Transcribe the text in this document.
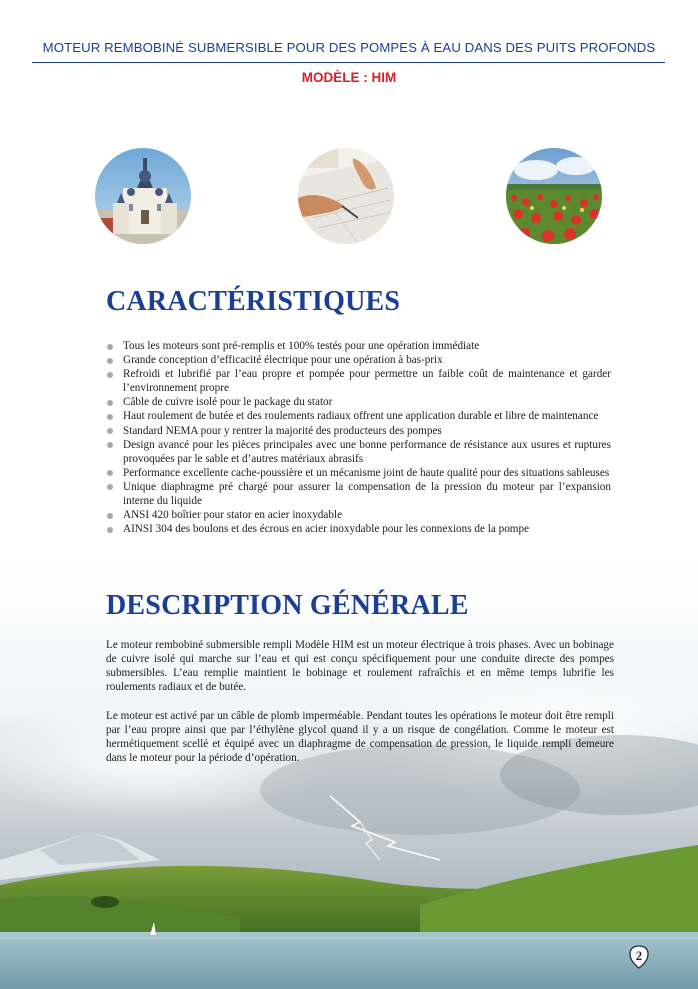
MOTEUR REMBOBINÉ SUBMERSIBLE POUR DES POMPES À EAU DANS DES PUITS PROFONDS
MODÈLE : HIM
CARACTÉRISTIQUES
Tous les moteurs sont pré-remplis et 100% testés pour une opération immédiate
Grande conception d’efficacité électrique pour une opération à bas-prix
Refroidi et lubrifié par l’eau propre et pompée pour permettre un faible coût de maintenance et garder l’environnement propre
Câble de cuivre isolé pour le package du stator
Haut roulement de butée et des roulements radiaux offrent une application durable et libre de maintenance
Standard NEMA pour y rentrer la majorité des producteurs des pompes
Design avancé pour les pièces principales avec une bonne performance de résistance aux usures et ruptures provoquées par le sable et d’autres matériaux abrasifs
Performance excellente cache-poussière et un mécanisme joint de haute qualité pour des situations sableuses
Unique diaphragme pré chargé pour assurer la compensation de la pression du moteur par l’expansion interne du liquide
ANSI 420 boîtier pour stator en acier inoxydable
AINSI 304 des boulons et des écrous en acier inoxydable pour les connexions de la pompe
DESCRIPTION GÉNÉRALE

Le moteur rembobiné submersible rempli Modèle HIM est un moteur électrique à trois phases. Avec un bobinage de cuivre isolé qui marche sur l’eau et qui est conçu spécifiquement pour une conduite directe des pompes submersibles. L’eau remplie maintient le bobinage et roulement rafraîchis et en même temps lubrifie les roulements radiaux et de butée.

Le moteur est activé par un câble de plomb imperméable. Pendant toutes les opérations le moteur doit être rempli par l’eau propre ainsi que par l’éthylène glycol quand il y a un risque de congélation. Comme le moteur est hermétiquement scellé et équipé avec un diaphragme de compensation de pression, le liquide rempli demeure dans le moteur pour la période d’opération.

2
